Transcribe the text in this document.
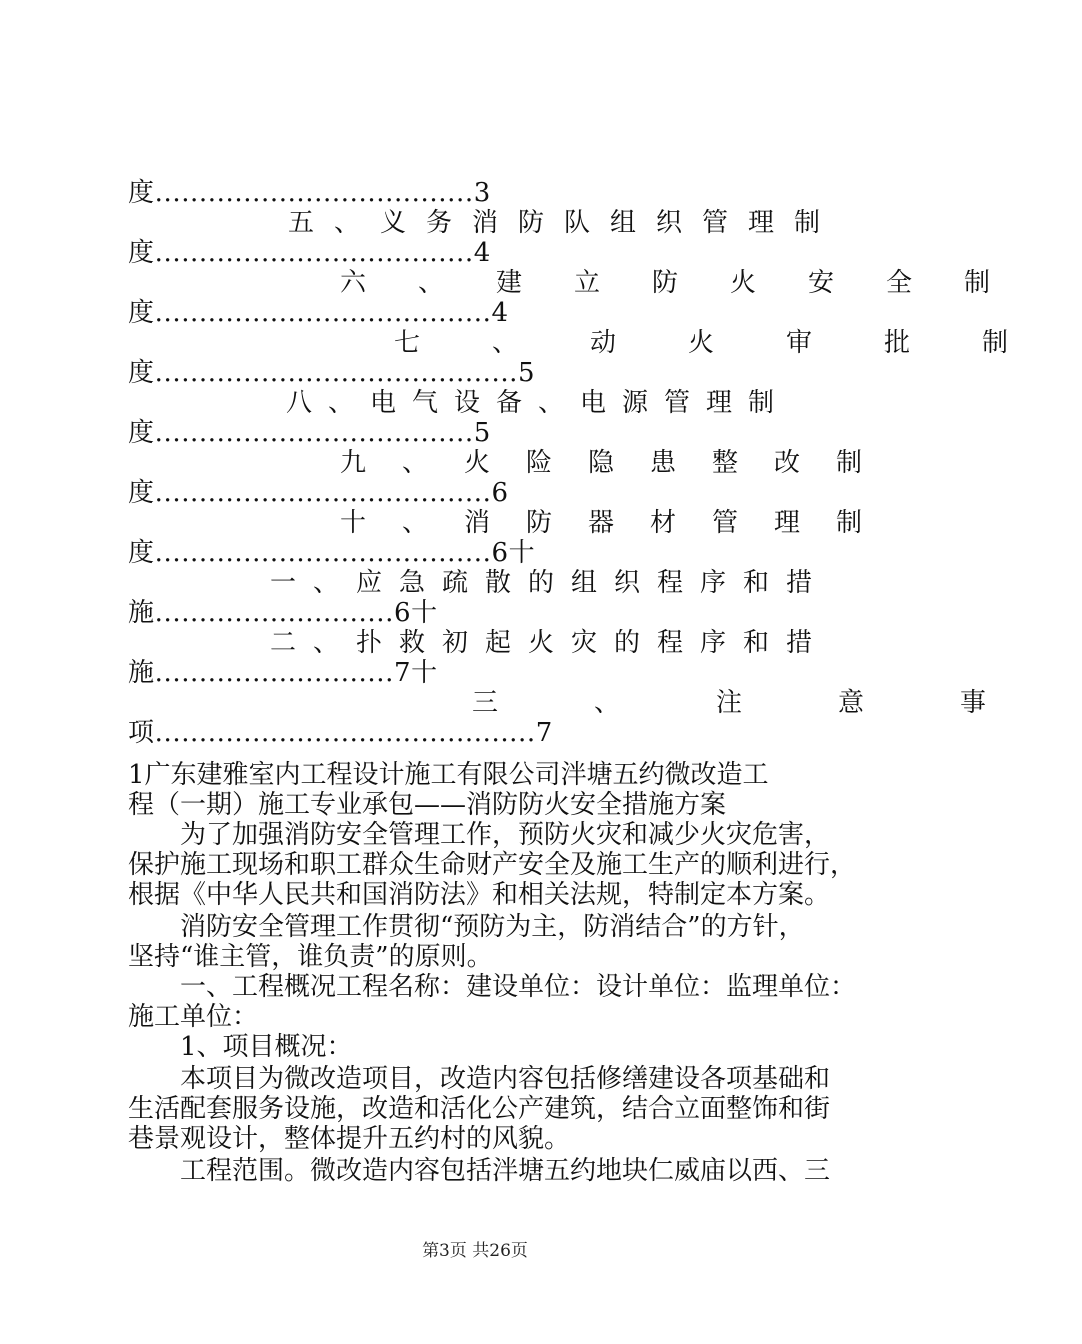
度....................................3
五、义务消防队组织管理制
度....................................4
六、建立防火安全制
度......................................4
七、动火审批制
度.........................................5
八、电气设备、电源管理制
度....................................5
九、火险隐患整改制
度......................................6
十、消防器材管理制
度......................................6十
一、应急疏散的组织程序和措
施...........................6十
二、扑救初起火灾的程序和措
施...........................7十
三、注意事
项...........................................7
1广东建雅室内工程设计施工有限公司泮塘五约微改造工
程（一期）施工专业承包——消防防火安全措施方案
　　为了加强消防安全管理工作，预防火灾和减少火灾危害，
保护施工现场和职工群众生命财产安全及施工生产的顺利进行，
根据《中华人民共和国消防法》和相关法规，特制定本方案。
　　消防安全管理工作贯彻“预防为主，防消结合”的方针，
坚持“谁主管，谁负责”的原则。
　　一、工程概况工程名称：建设单位：设计单位：监理单位：
施工单位：
　　1、项目概况：
　　本项目为微改造项目，改造内容包括修缮建设各项基础和
生活配套服务设施，改造和活化公产建筑，结合立面整饰和街
巷景观设计，整体提升五约村的风貌。
　　工程范围。微改造内容包括泮塘五约地块仁威庙以西、三
第3页 共26页
